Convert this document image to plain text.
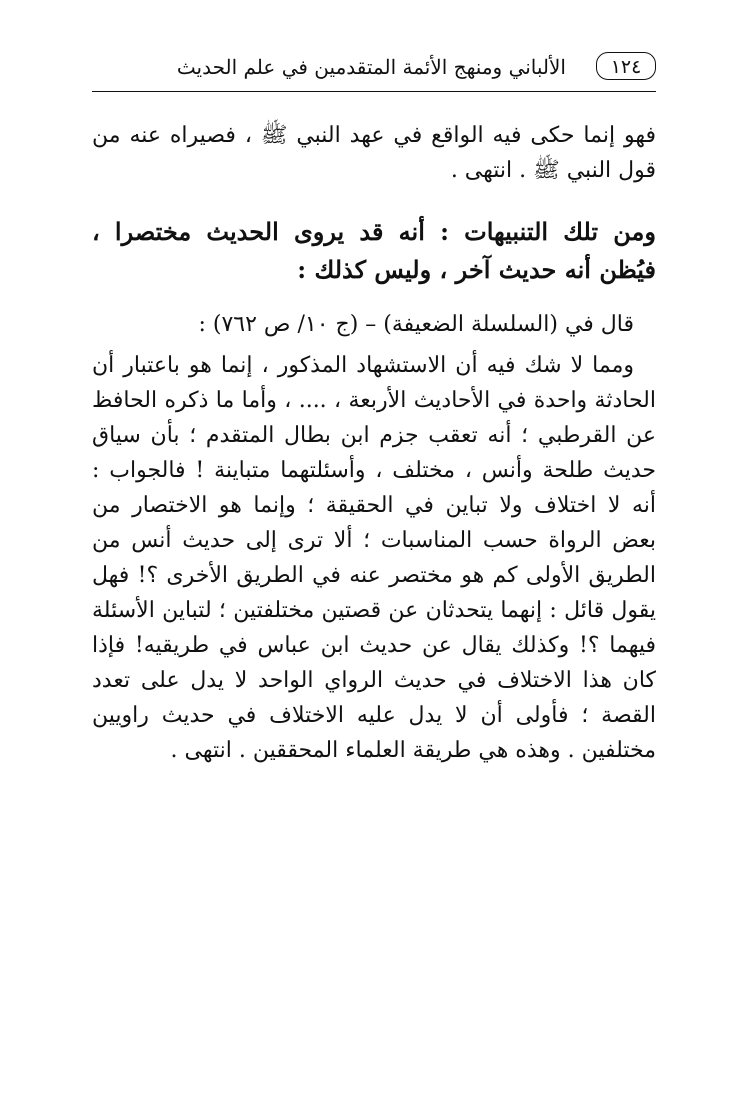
١٢٤
الألباني ومنهج الأئمة المتقدمين في علم الحديث

فهو إنما حكى فيه الواقع في عهد النبي ﷺ ، فصيراه عنه من قول النبي ﷺ . انتهى .

ومن تلك التنبيهات : أنه قد يروى الحديث مختصرا ، فيُظن أنه حديث آخر ، وليس كذلك :

قال في (السلسلة الضعيفة) – (ج ١٠/ ص ٧٦٢) :

ومما لا شك فيه أن الاستشهاد المذكور ، إنما هو باعتبار أن الحادثة واحدة في الأحاديث الأربعة ، .... ، وأما ما ذكره الحافظ عن القرطبي ؛ أنه تعقب جزم ابن بطال المتقدم ؛ بأن سياق حديث طلحة وأنس ، مختلف ، وأسئلتهما متباينة ! فالجواب : أنه لا اختلاف ولا تباين في الحقيقة ؛ وإنما هو الاختصار من بعض الرواة حسب المناسبات ؛ ألا ترى إلى حديث أنس من الطريق الأولى كم هو مختصر عنه في الطريق الأخرى ؟! فهل يقول قائل : إنهما يتحدثان عن قصتين مختلفتين ؛ لتباين الأسئلة فيهما ؟! وكذلك يقال عن حديث ابن عباس في طريقيه! فإذا كان هذا الاختلاف في حديث الرواي الواحد لا يدل على تعدد القصة ؛ فأولى أن لا يدل عليه الاختلاف في حديث راويين مختلفين . وهذه هي طريقة العلماء المحققين . انتهى .
